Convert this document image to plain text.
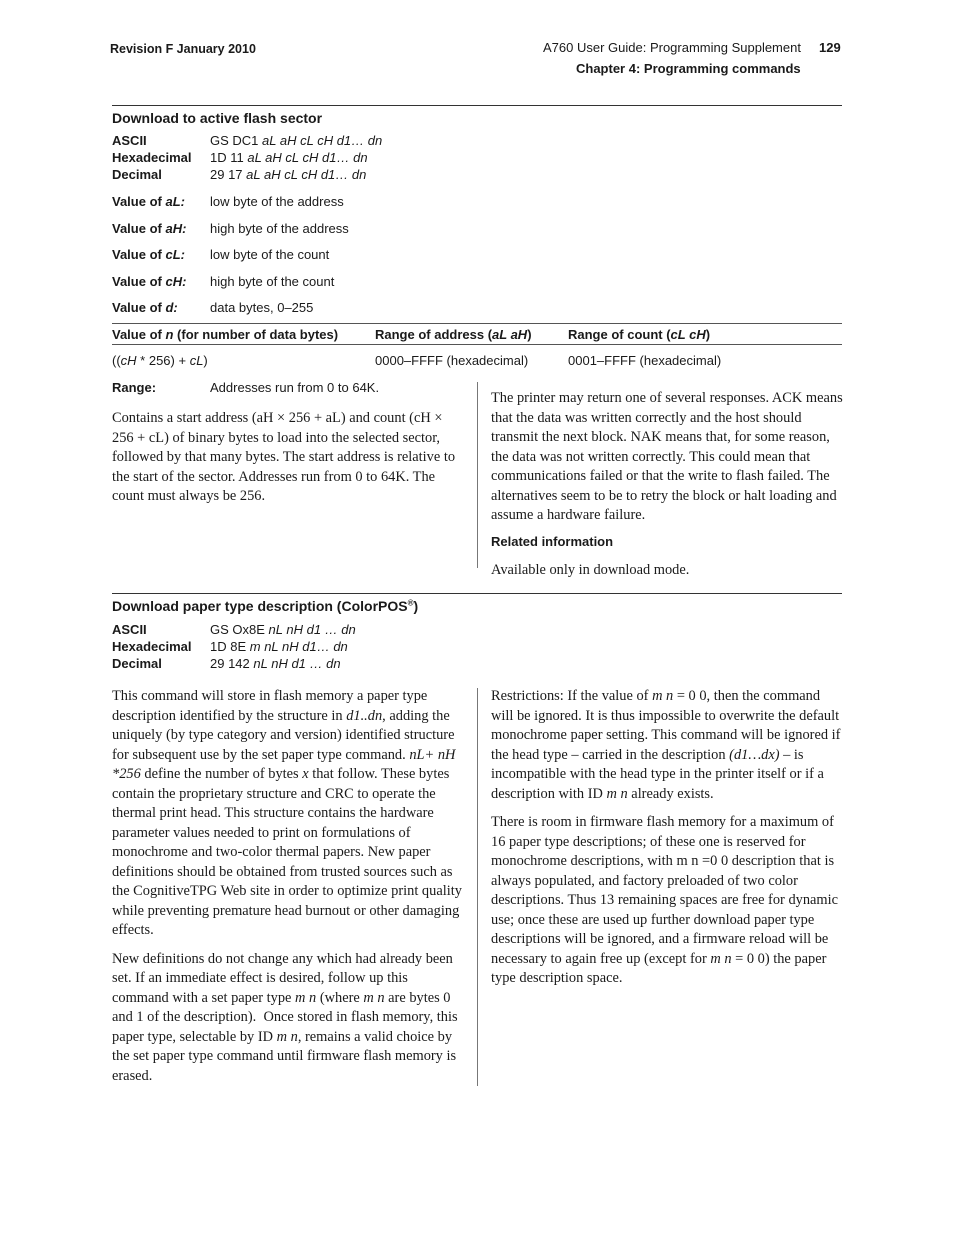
Revision F January 2010	A760 User Guide: Programming Supplement 129
Chapter 4: Programming commands
Download to active flash sector
ASCII	GS DC1 aL aH cL cH d1… dn
Hexadecimal 1D 11 aL aH cL cH d1… dn
Decimal	29 17 aL aH cL cH d1… dn
Value of aL: low byte of the address
Value of aH: high byte of the address
Value of cL: low byte of the count
Value of cH: high byte of the count
Value of d: data bytes, 0–255
Value of n (for number of data bytes)	Range of address (aL aH)	Range of count (cL cH)
((cH * 256) + cL)	0000–FFFF (hexadecimal)	0001–FFFF (hexadecimal)
Range:	Addresses run from 0 to 64K.

Contains a start address (aH × 256 + aL) and count (cH × 256 + cL) of binary bytes to load into the selected sector, followed by that many bytes. The start address is relative to the start of the sector. Addresses run from 0 to 64K. The count must always be 256.

The printer may return one of several responses. ACK means that the data was written correctly and the host should transmit the next block. NAK means that, for some reason, the data was not written correctly. This could mean that communications failed or that the write to flash failed. The alternatives seem to be to retry the block or halt loading and assume a hardware failure.
Related information
Available only in download mode.
Download paper type description (ColorPOS®)
ASCII	GS Ox8E nL nH d1 … dn
Hexadecimal 1D 8E m nL nH d1… dn
Decimal	29 142 nL nH d1 … dn

This command will store in flash memory a paper type description identified by the structure in d1..dn, adding the uniquely (by type category and version) identified structure for subsequent use by the set paper type command. nL+ nH *256 define the number of bytes x that follow. These bytes contain the proprietary structure and CRC to operate the thermal print head. This structure contains the hardware parameter values needed to print on formulations of monochrome and two-color thermal papers. New paper definitions should be obtained from trusted sources such as the CognitiveTPG Web site in order to optimize print quality while preventing premature head burnout or other damaging effects.

New definitions do not change any which had already been set. If an immediate effect is desired, follow up this command with a set paper type m n (where m n are bytes 0 and 1 of the description).  Once stored in flash memory, this paper type, selectable by ID m n, remains a valid choice by the set paper type command until firmware flash memory is erased.

Restrictions: If the value of m n = 0 0, then the command will be ignored. It is thus impossible to overwrite the default monochrome paper setting. This command will be ignored if the head type – carried in the description (d1…dx) – is incompatible with the head type in the printer itself or if a description with ID m n already exists.

There is room in firmware flash memory for a maximum of 16 paper type descriptions; of these one is reserved for monochrome descriptions, with m n =0 0 description that is always populated, and factory preloaded of two color descriptions. Thus 13 remaining spaces are free for dynamic use; once these are used up further download paper type descriptions will be ignored, and a firmware reload will be necessary to again free up (except for m n = 0 0) the paper type description space.
